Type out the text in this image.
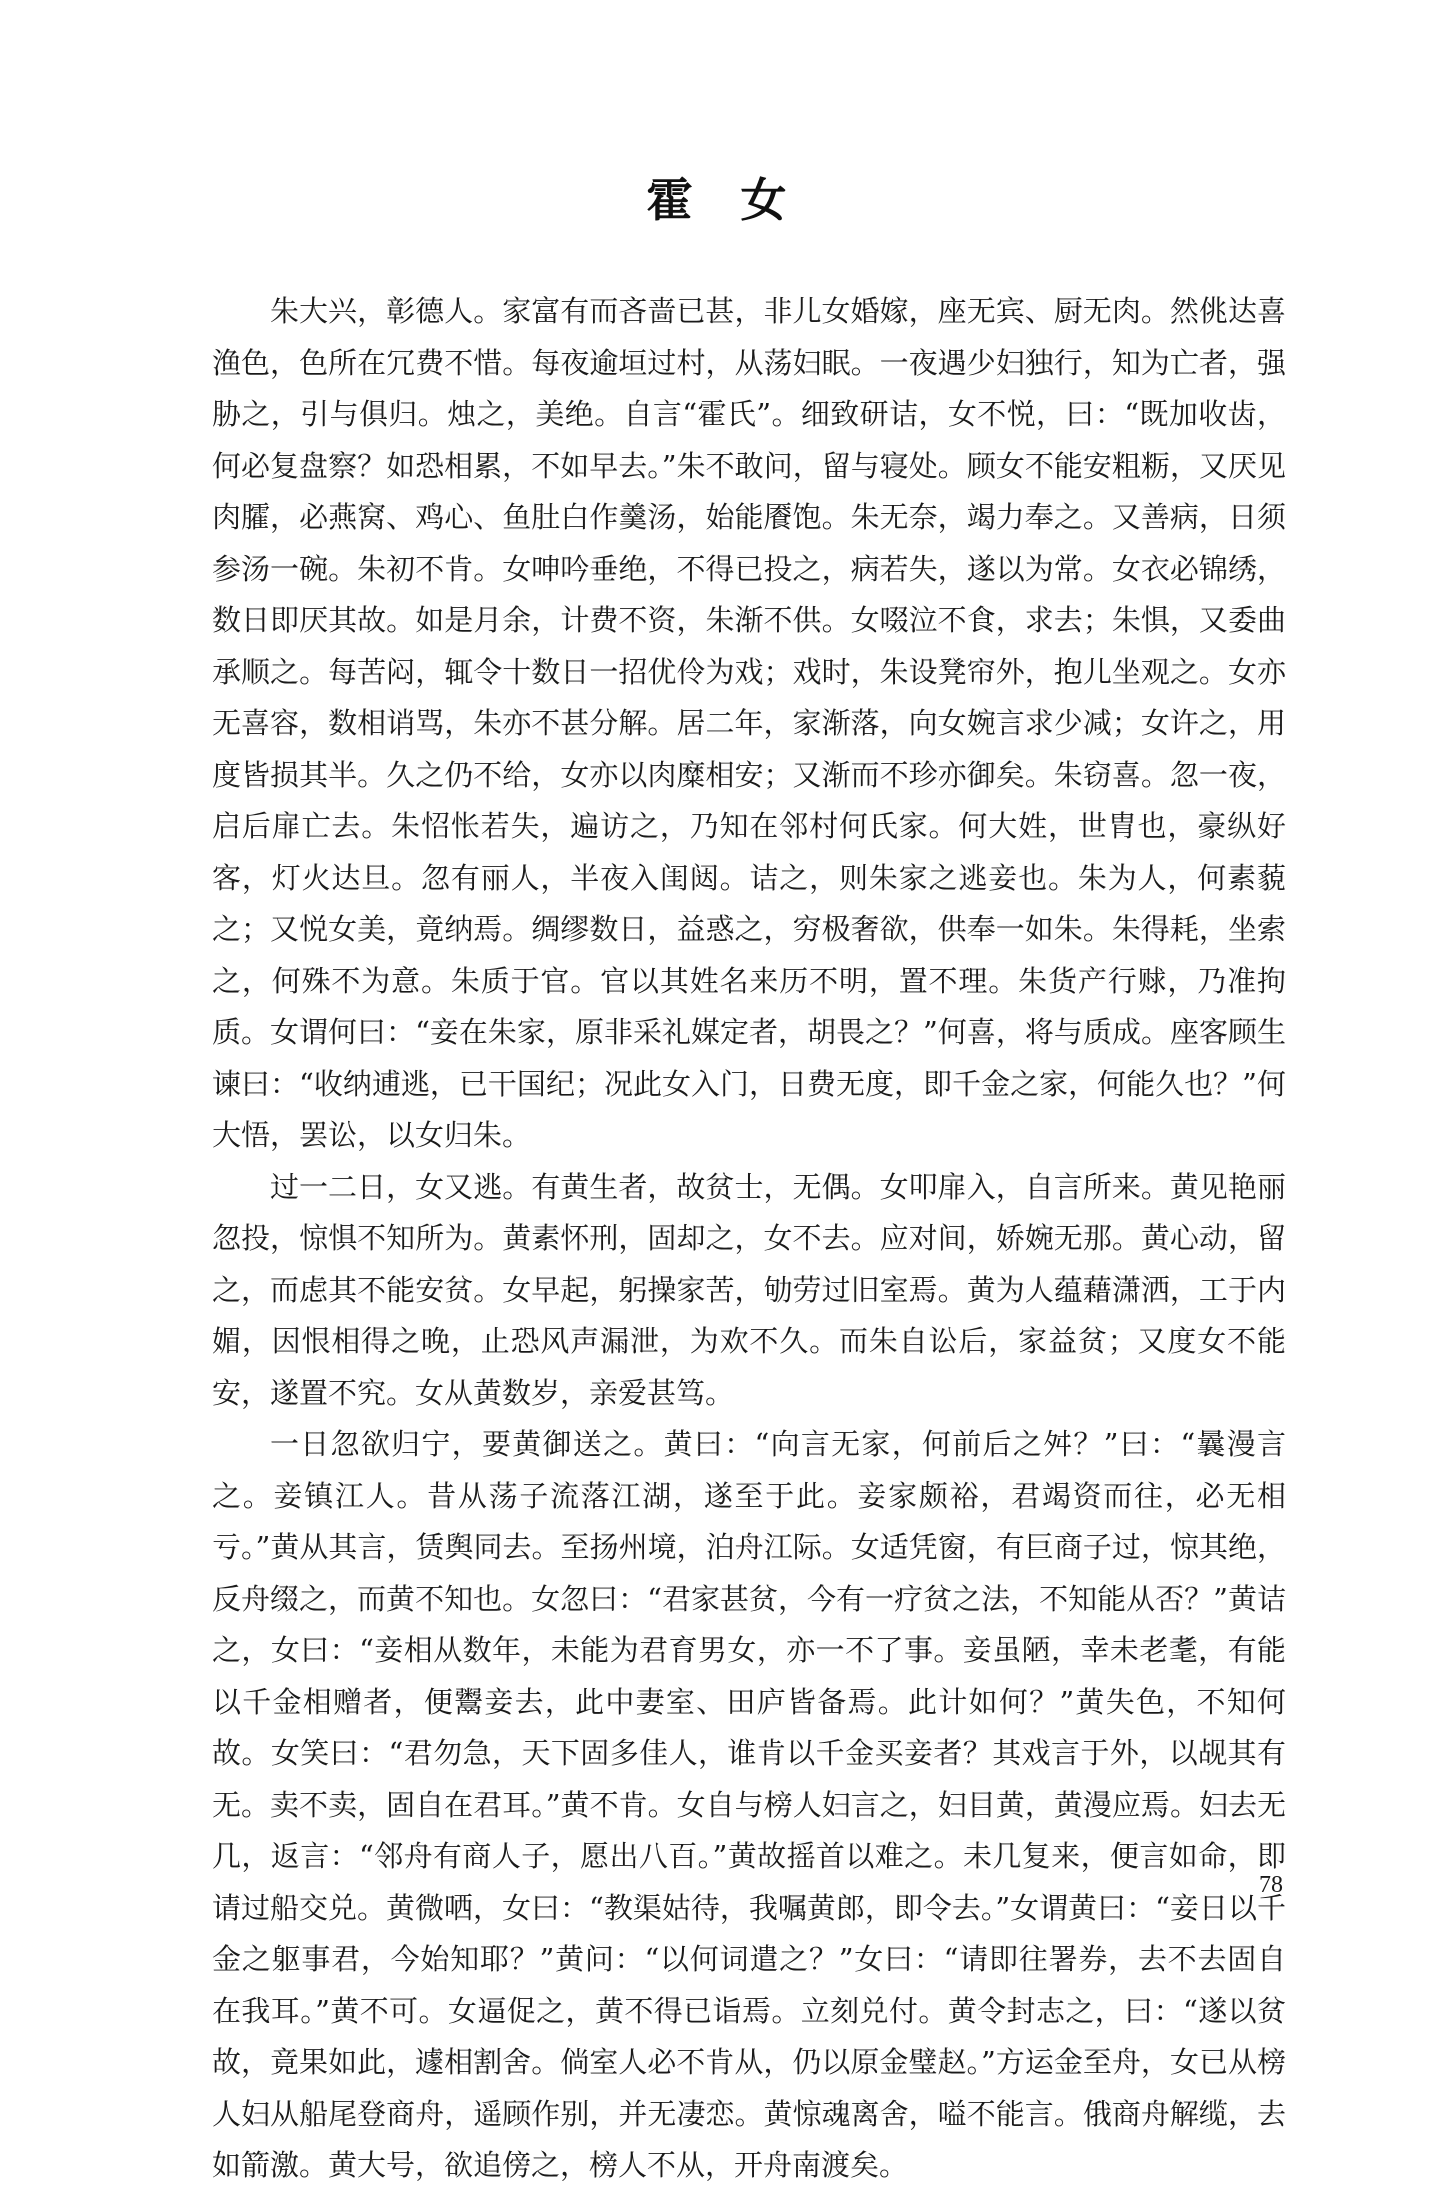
霍女

朱大兴，彰德人。家富有而吝啬已甚，非儿女婚嫁，座无宾、厨无肉。然佻达喜渔色，色所在冗费不惜。每夜逾垣过村，从荡妇眠。一夜遇少妇独行，知为亡者，强胁之，引与俱归。烛之，美绝。自言“霍氏”。细致研诘，女不悦，曰：“既加收齿，何必复盘察？如恐相累，不如早去。”朱不敢问，留与寝处。顾女不能安粗粝，又厌见肉臛，必燕窝、鸡心、鱼肚白作羹汤，始能餍饱。朱无奈，竭力奉之。又善病，日须参汤一碗。朱初不肯。女呻吟垂绝，不得已投之，病若失，遂以为常。女衣必锦绣，数日即厌其故。如是月余，计费不资，朱渐不供。女啜泣不食，求去；朱惧，又委曲承顺之。每苦闷，辄令十数日一招优伶为戏；戏时，朱设凳帘外，抱儿坐观之。女亦无喜容，数相诮骂，朱亦不甚分解。居二年，家渐落，向女婉言求少减；女许之，用度皆损其半。久之仍不给，女亦以肉糜相安；又渐而不珍亦御矣。朱窃喜。忽一夜，启后扉亡去。朱怊怅若失，遍访之，乃知在邻村何氏家。何大姓，世胄也，豪纵好客，灯火达旦。忽有丽人，半夜入闺闼。诘之，则朱家之逃妾也。朱为人，何素藐之；又悦女美，竟纳焉。绸缪数日，益惑之，穷极奢欲，供奉一如朱。朱得耗，坐索之，何殊不为意。朱质于官。官以其姓名来历不明，置不理。朱货产行赇，乃准拘质。女谓何曰：“妾在朱家，原非采礼媒定者，胡畏之？”何喜，将与质成。座客顾生谏曰：“收纳逋逃，已干国纪；况此女入门，日费无度，即千金之家，何能久也？”何大悟，罢讼，以女归朱。

过一二日，女又逃。有黄生者，故贫士，无偶。女叩扉入，自言所来。黄见艳丽忽投，惊惧不知所为。黄素怀刑，固却之，女不去。应对间，娇婉无那。黄心动，留之，而虑其不能安贫。女早起，躬操家苦，劬劳过旧室焉。黄为人蕴藉潇洒，工于内媚，因恨相得之晚，止恐风声漏泄，为欢不久。而朱自讼后，家益贫；又度女不能安，遂置不究。女从黄数岁，亲爱甚笃。

一日忽欲归宁，要黄御送之。黄曰：“向言无家，何前后之舛？”曰：“曩漫言之。妾镇江人。昔从荡子流落江湖，遂至于此。妾家颇裕，君竭资而往，必无相亏。”黄从其言，赁舆同去。至扬州境，泊舟江际。女适凭窗，有巨商子过，惊其绝，反舟缀之，而黄不知也。女忽曰：“君家甚贫，今有一疗贫之法，不知能从否？”黄诘之，女曰：“妾相从数年，未能为君育男女，亦一不了事。妾虽陋，幸未老耄，有能以千金相赠者，便鬻妾去，此中妻室、田庐皆备焉。此计如何？”黄失色，不知何故。女笑曰：“君勿急，天下固多佳人，谁肯以千金买妾者？其戏言于外，以觇其有无。卖不卖，固自在君耳。”黄不肯。女自与榜人妇言之，妇目黄，黄漫应焉。妇去无几，返言：“邻舟有商人子，愿出八百。”黄故摇首以难之。未几复来，便言如命，即请过船交兑。黄微哂，女曰：“教渠姑待，我嘱黄郎，即令去。”女谓黄曰：“妾日以千金之躯事君，今始知耶？”黄问：“以何词遣之？”女曰：“请即往署券，去不去固自在我耳。”黄不可。女逼促之，黄不得已诣焉。立刻兑付。黄令封志之，曰：“遂以贫故，竟果如此，遽相割舍。倘室人必不肯从，仍以原金璧赵。”方运金至舟，女已从榜人妇从船尾登商舟，遥顾作别，并无凄恋。黄惊魂离舍，嗌不能言。俄商舟解缆，去如箭激。黄大号，欲追傍之，榜人不从，开舟南渡矣。

78
